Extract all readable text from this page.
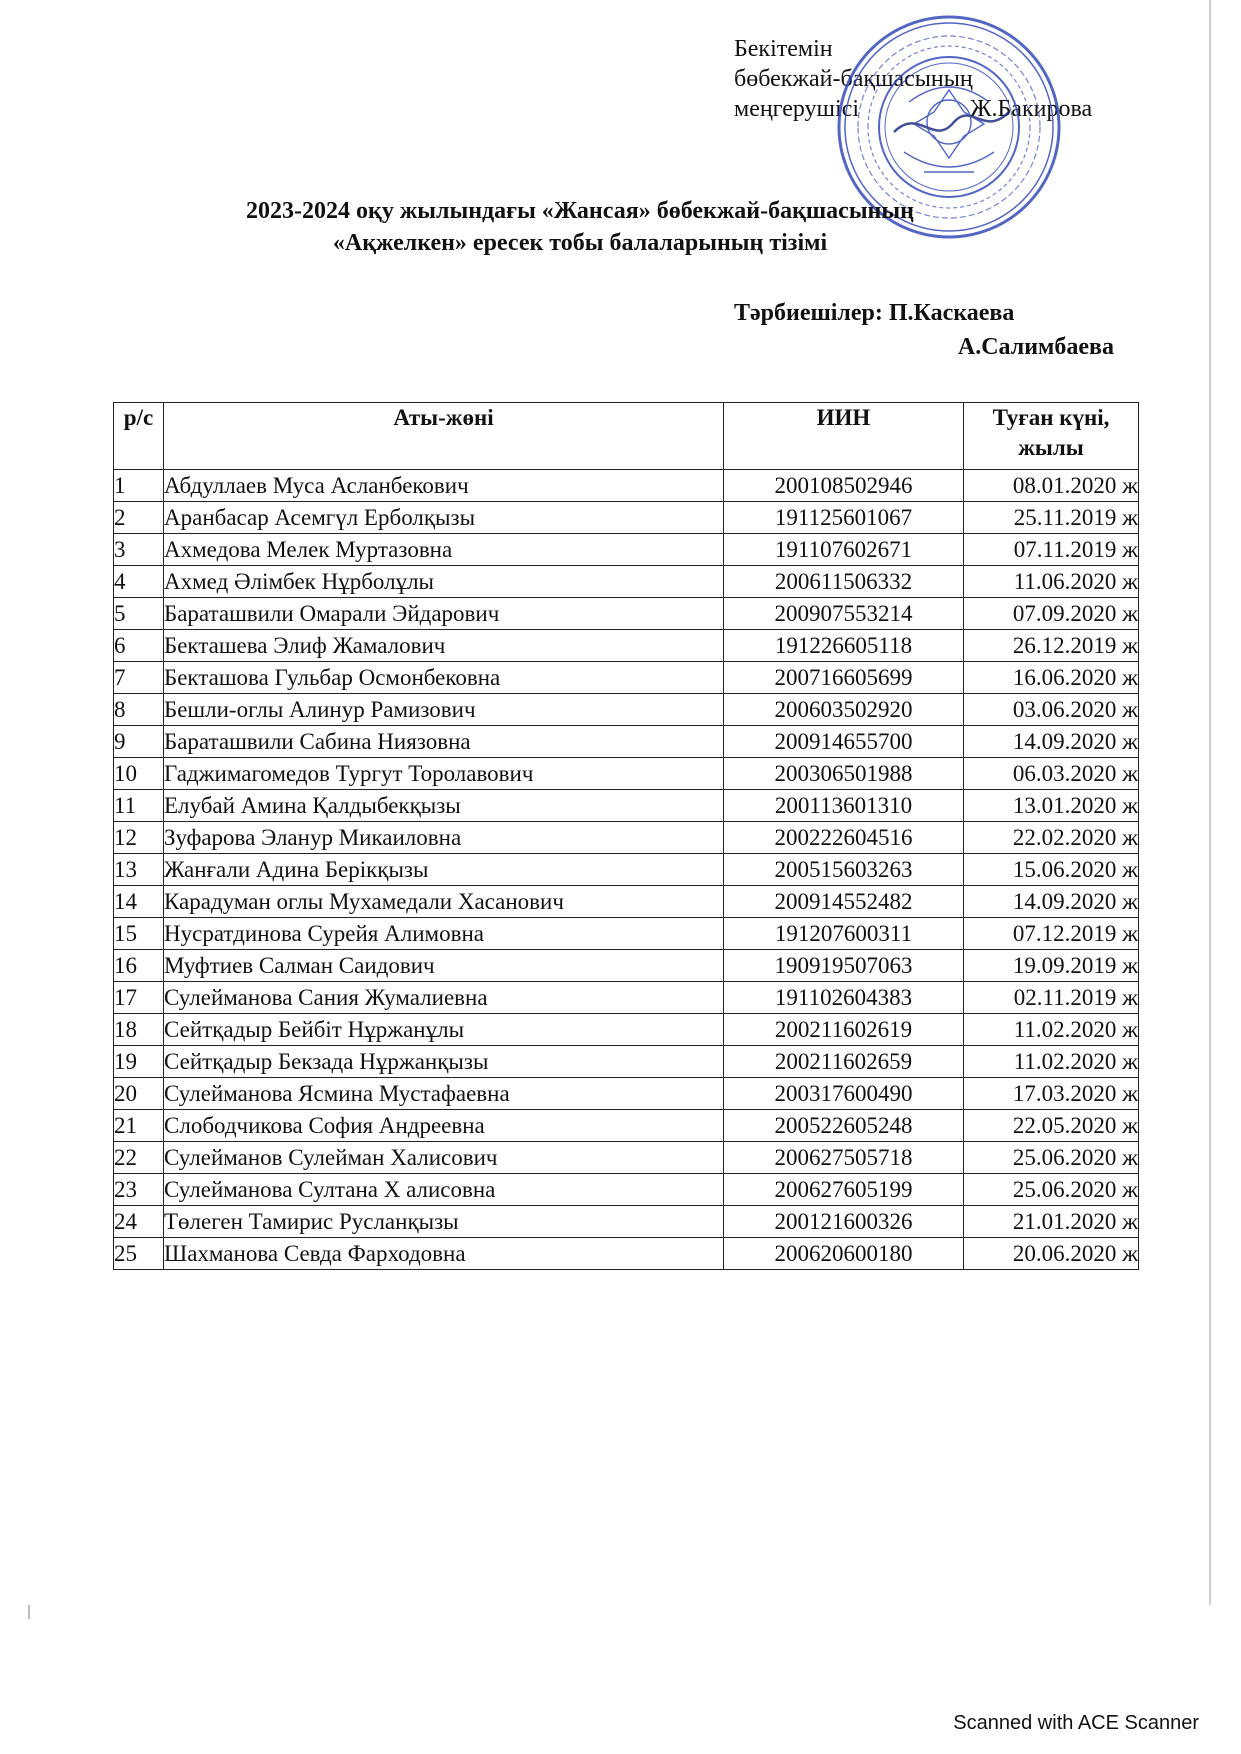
Бекітемін
бөбекжай-бақшасының
меңгерушісі	Ж.Бакирова
2023-2024 оқу жылындағы «Жансая» бөбекжай-бақшасының
«Ақжелкен» ересек тобы балаларының тізімі
Тәрбиешілер: П.Каскаева
А.Салимбаева
р/с	Аты-жөні	ИИН	Туған күні, жылы
1	Абдуллаев Муса Асланбекович	200108502946	08.01.2020 ж
2	Аранбасар Асемгүл Ерболқызы	191125601067	25.11.2019 ж
3	Ахмедова Мелек Муртазовна	191107602671	07.11.2019 ж
4	Ахмед Әлімбек Нұрболұлы	200611506332	11.06.2020 ж
5	Бараташвили Омарали Эйдарович	200907553214	07.09.2020 ж
6	Бекташева Элиф Жамалович	191226605118	26.12.2019 ж
7	Бекташова Гульбар Осмонбековна	200716605699	16.06.2020 ж
8	Бешли-оглы Алинур Рамизович	200603502920	03.06.2020 ж
9	Бараташвили Сабина Ниязовна	200914655700	14.09.2020 ж
10	Гаджимагомедов Тургут Торолавович	200306501988	06.03.2020 ж
11	Елубай Амина Қалдыбекқызы	200113601310	13.01.2020 ж
12	Зуфарова Эланур Микаиловна	200222604516	22.02.2020 ж
13	Жанғали Адина Берікқызы	200515603263	15.06.2020 ж
14	Карадуман оглы Мухамедали Хасанович	200914552482	14.09.2020 ж
15	Нусратдинова Сурейя Алимовна	191207600311	07.12.2019 ж
16	Муфтиев Салман Саидович	190919507063	19.09.2019 ж
17	Сулейманова Сания Жумалиевна	191102604383	02.11.2019 ж
18	Сейтқадыр Бейбіт Нұржанұлы	200211602619	11.02.2020 ж
19	Сейтқадыр Бекзада Нұржанқызы	200211602659	11.02.2020 ж
20	Сулейманова Ясмина Мустафаевна	200317600490	17.03.2020 ж
21	Слободчикова София Андреевна	200522605248	22.05.2020 ж
22	Сулейманов Сулейман Халисович	200627505718	25.06.2020 ж
23	Сулейманова Султана Х алисовна	200627605199	25.06.2020 ж
24	Төлеген Тамирис Русланқызы	200121600326	21.01.2020 ж
25	Шахманова Севда Фарходовна	200620600180	20.06.2020 ж
Scanned with ACE Scanner
